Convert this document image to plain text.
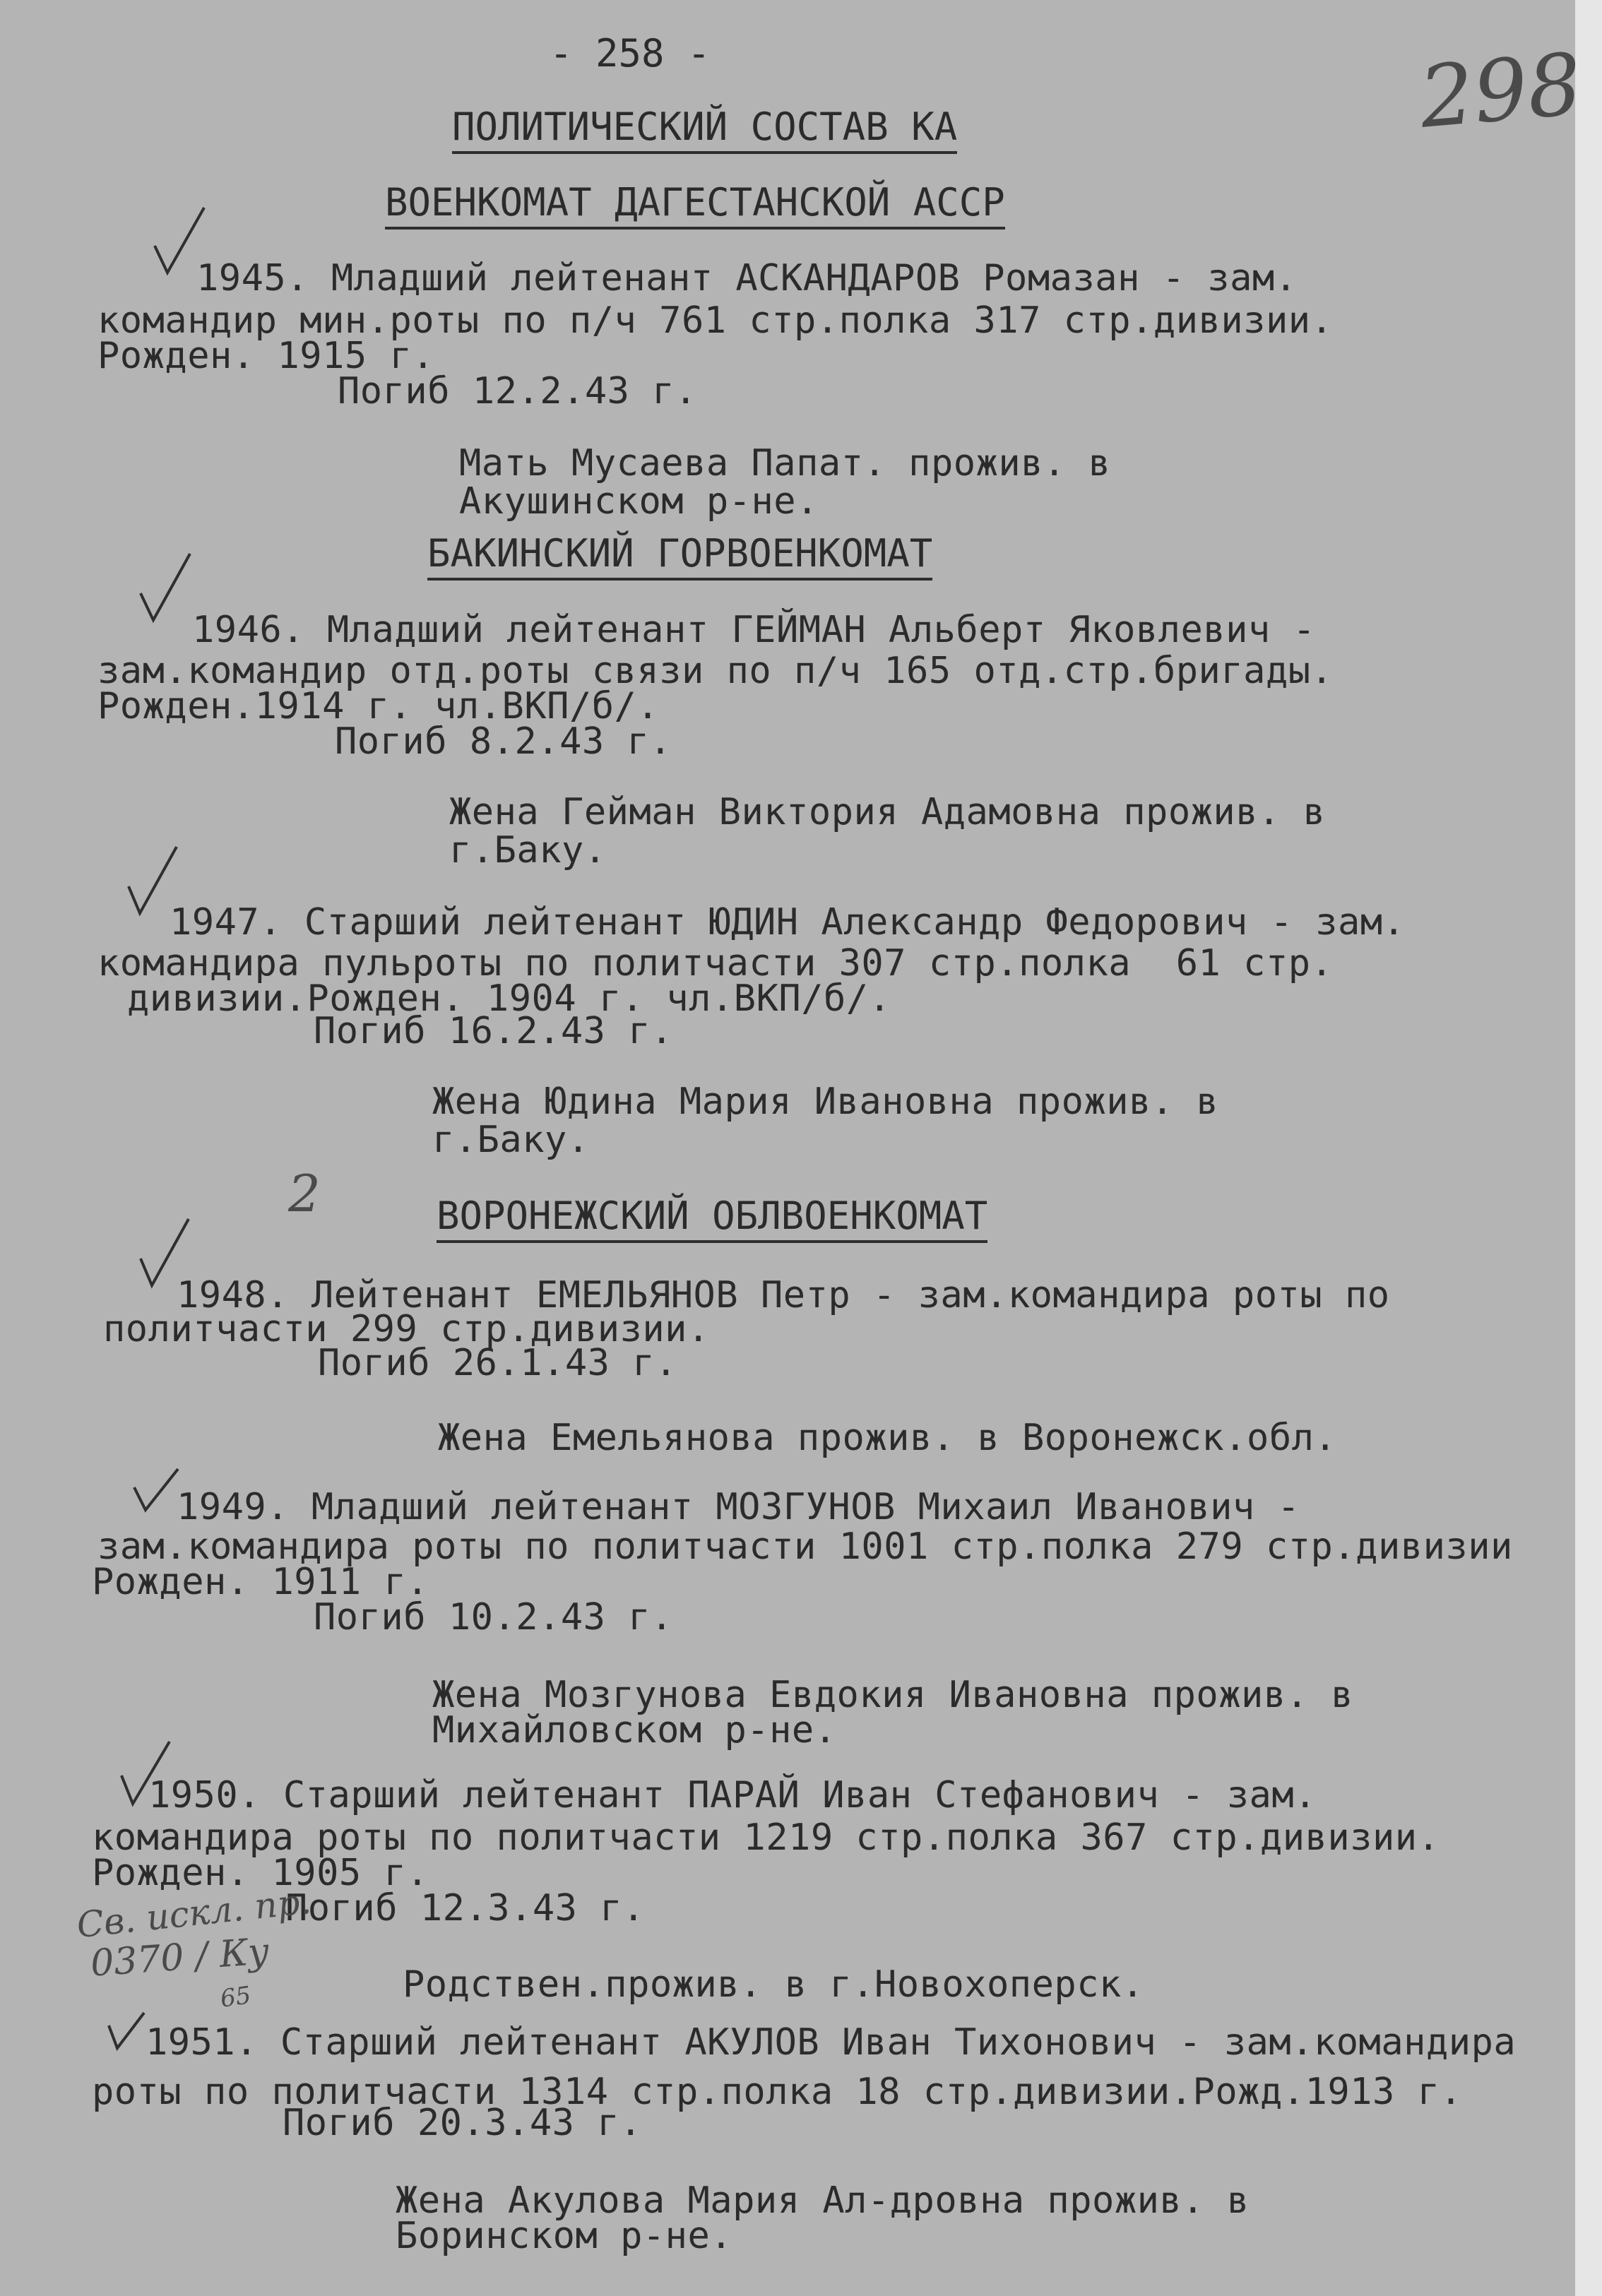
- 258 -	298
ПОЛИТИЧЕСКИЙ СОСТАВ КА
ВОЕНКОМАТ ДАГЕСТАНСКОЙ АССР
1945. Младший лейтенант АСКАНДАРОВ Ромазан - зам.
командир мин.роты по п/ч 761 стр.полка 317 стр.дивизии.
Рожден. 1915 г.
Погиб 12.2.43 г.
Мать Мусаева Папат. прожив. в
Акушинском р-не.
БАКИНСКИЙ ГОРВОЕНКОМАТ
1946. Младший лейтенант ГЕЙМАН Альберт Яковлевич -
зам.командир отд.роты связи по п/ч 165 отд.стр.бригады.
Рожден.1914 г. чл.ВКП/б/.
Погиб 8.2.43 г.
Жена Гейман Виктория Адамовна прожив. в
г.Баку.
1947. Старший лейтенант ЮДИН Александр Федорович - зам.
командира пульроты по политчасти 307 стр.полка  61 стр.
дивизии.Рожден. 1904 г. чл.ВКП/б/.
Погиб 16.2.43 г.
Жена Юдина Мария Ивановна прожив. в
г.Баку.
2	ВОРОНЕЖСКИЙ ОБЛВОЕНКОМАТ
1948. Лейтенант ЕМЕЛЬЯНОВ Петр - зам.командира роты по
политчасти 299 стр.дивизии.
Погиб 26.1.43 г.
Жена Емельянова прожив. в Воронежск.обл.
1949. Младший лейтенант МОЗГУНОВ Михаил Иванович -
зам.командира роты по политчасти 1001 стр.полка 279 стр.дивизии
Рожден. 1911 г.
Погиб 10.2.43 г.
Жена Мозгунова Евдокия Ивановна прожив. в
Михайловском р-не.
1950. Старший лейтенант ПАРАЙ Иван Стефанович - зам.
командира роты по политчасти 1219 стр.полка 367 стр.дивизии.
Рожден. 1905 г.
Погиб 12.3.43 г.
Св. искл. пр.
0370 / Ку
65	Родствен.прожив. в г.Новохоперск.
1951. Старший лейтенант АКУЛОВ Иван Тихонович - зам.командира
роты по политчасти 1314 стр.полка 18 стр.дивизии.Рожд.1913 г.
Погиб 20.3.43 г.
Жена Акулова Мария Ал-дровна прожив. в
Боринском р-не.
